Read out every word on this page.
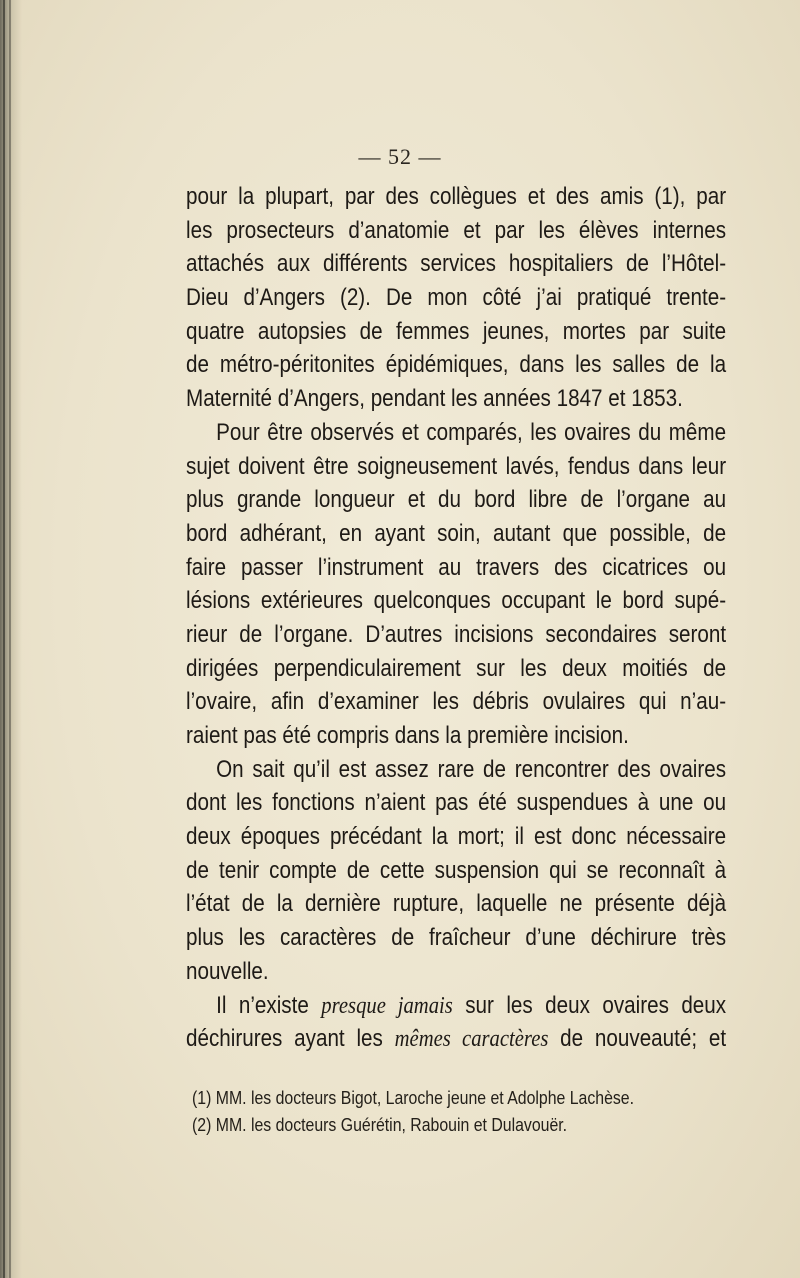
— 52 —

pour la plupart, par des collègues et des amis (1), par
les prosecteurs d’anatomie et par les élèves internes
attachés aux différents services hospitaliers de l’Hôtel-
Dieu d’Angers (2). De mon côté j’ai pratiqué trente-
quatre autopsies de femmes jeunes, mortes par suite
de métro-péritonites épidémiques, dans les salles de la
Maternité d’Angers, pendant les années 1847 et 1853.
Pour être observés et comparés, les ovaires du même
sujet doivent être soigneusement lavés, fendus dans leur
plus grande longueur et du bord libre de l’organe au
bord adhérant, en ayant soin, autant que possible, de
faire passer l’instrument au travers des cicatrices ou
lésions extérieures quelconques occupant le bord supé-
rieur de l’organe. D’autres incisions secondaires seront
dirigées perpendiculairement sur les deux moitiés de
l’ovaire, afin d’examiner les débris ovulaires qui n’au-
raient pas été compris dans la première incision.
On sait qu’il est assez rare de rencontrer des ovaires
dont les fonctions n’aient pas été suspendues à une ou
deux époques précédant la mort; il est donc nécessaire
de tenir compte de cette suspension qui se reconnaît à
l’état de la dernière rupture, laquelle ne présente déjà
plus les caractères de fraîcheur d’une déchirure très
nouvelle.
Il n’existe presque jamais sur les deux ovaires deux
déchirures ayant les mêmes caractères de nouveauté; et
(1) MM. les docteurs Bigot, Laroche jeune et Adolphe Lachèse.
(2) MM. les docteurs Guérétin, Rabouin et Dulavouër.
